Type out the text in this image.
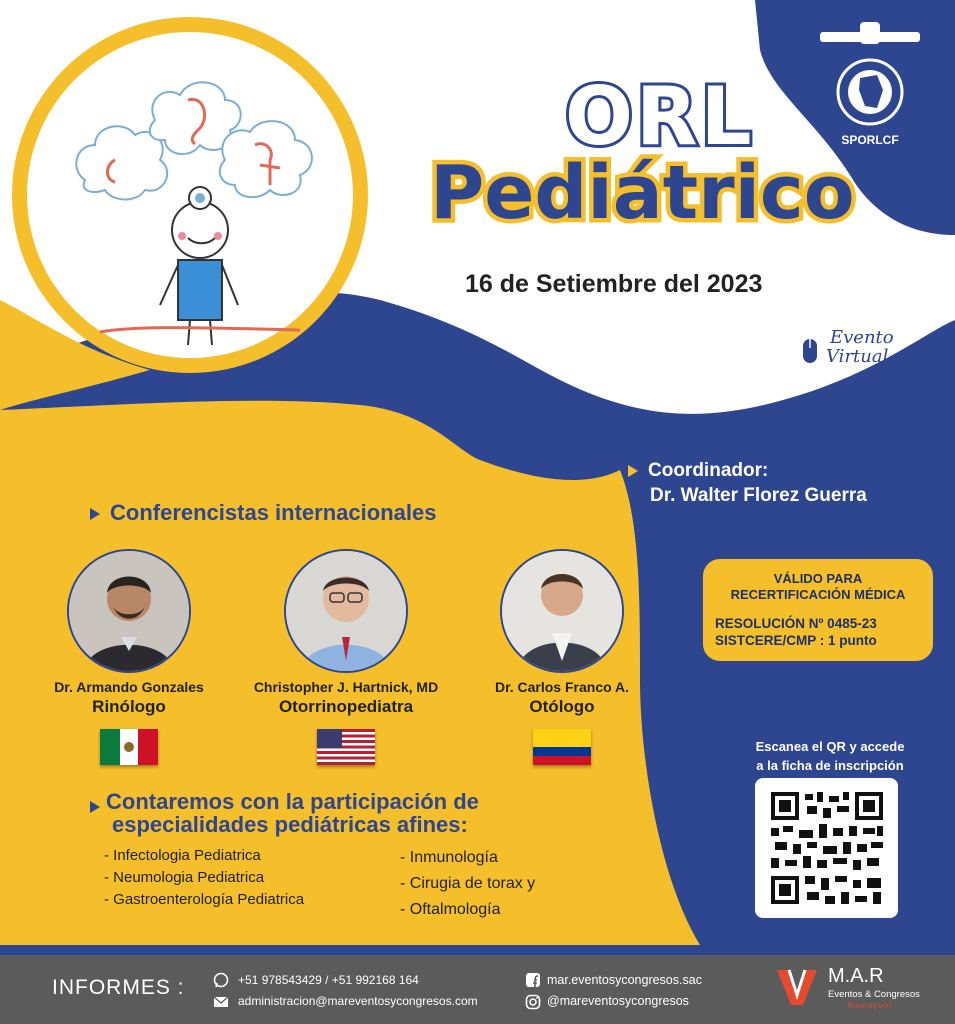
ORL
Pediátrico
16 de Setiembre del 2023
SPORLCF
Evento
Virtual
Coordinador:
Dr. Walter Florez Guerra
Conferencistas internacionales
Dr. Armando Gonzales
Rinólogo
Christopher J. Hartnick, MD
Otorrinopediatra
Dr. Carlos Franco A.
Otólogo
VÁLIDO PARA
RECERTIFICACIÓN MÉDICA
RESOLUCIÓN Nº 0485-23
SISTCERE/CMP : 1 punto
Escanea el QR y accede
a la ficha de inscripción
Contaremos con la participación de
especialidades pediátricas afines:
- Infectologia Pediatrica
- Neumologia Pediatrica
- Gastroenterología Pediatrica
- Inmunología
- Cirugia de torax y
- Oftalmología
INFORMES :	+51 978543429 / +51 992168 164
administracion@mareventosycongresos.com
mar.eventosycongresos.sac
@mareventosycongresos
M.A.R
Eventos & Congresos
Ramayoni
